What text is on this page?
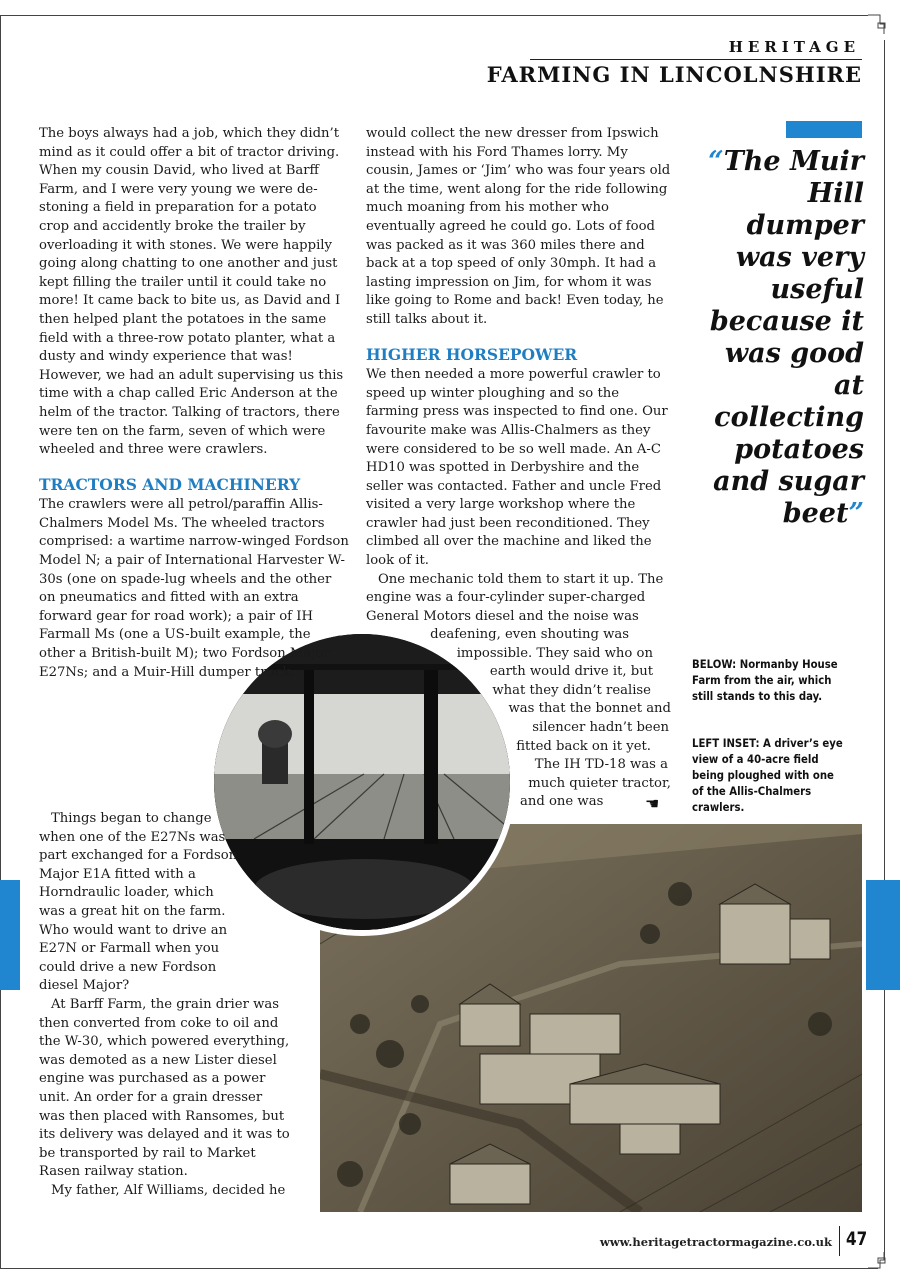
HERITAGE
FARMING IN LINCOLNSHIRE

The boys always had a job, which they didn’t mind as it could offer a bit of tractor driving. When my cousin David, who lived at Barff Farm, and I were very young we were de-stoning a field in preparation for a potato crop and accidently broke the trailer by overloading it with stones. We were happily going along chatting to one another and just kept filling the trailer until it could take no more! It came back to bite us, as David and I then helped plant the potatoes in the same field with a three-row potato planter, what a dusty and windy experience that was! However, we had an adult supervising us this time with a chap called Eric Anderson at the helm of the tractor. Talking of tractors, there were ten on the farm, seven of which were wheeled and three were crawlers.

TRACTORS AND MACHINERY

The crawlers were all petrol/paraffin Allis-Chalmers Model Ms. The wheeled tractors comprised: a wartime narrow-winged Fordson Model N; a pair of International Harvester W-30s (one on spade-lug wheels and the other on pneumatics and fitted with an extra forward gear for road work); a pair of IH Farmall Ms (one a US-built example, the other a British-built M); two Fordson Major E27Ns; and a Muir-Hill dumper truck.

Things began to change when one of the E27Ns was part exchanged for a Fordson Major E1A fitted with a Horndraulic loader, which was a great hit on the farm. Who would want to drive an E27N or Farmall when you could drive a new Fordson diesel Major?

At Barff Farm, the grain drier was then converted from coke to oil and the W-30, which powered everything, was demoted as a new Lister diesel engine was purchased as a power unit. An order for a grain dresser was then placed with Ransomes, but its delivery was delayed and it was to be transported by rail to Market Rasen railway station.

My father, Alf Williams, decided he

would collect the new dresser from Ipswich instead with his Ford Thames lorry. My cousin, James or ‘Jim’ who was four years old at the time, went along for the ride following much moaning from his mother who eventually agreed he could go. Lots of food was packed as it was 360 miles there and back at a top speed of only 30mph. It had a lasting impression on Jim, for whom it was like going to Rome and back! Even today, he still talks about it.

HIGHER HORSEPOWER

We then needed a more powerful crawler to speed up winter ploughing and so the farming press was inspected to find one. Our favourite make was Allis-Chalmers as they were considered to be so well made. An A-C HD10 was spotted in Derbyshire and the seller was contacted. Father and uncle Fred visited a very large workshop where the crawler had just been reconditioned. They climbed all over the machine and liked the look of it.

One mechanic told them to start it up. The engine was a four-cylinder super-charged General Motors diesel and the noise was

deafening, even shouting was
impossible. They said who on
earth would drive it, but
what they didn’t realise
was that the bonnet and
silencer hadn’t been
fitted back on it yet.
The IH TD-18 was a
much quieter tractor,
and one was	☚
“The Muir Hill dumper was very useful because it was good at collecting potatoes and sugar beet”
BELOW: Normanby House Farm from the air, which still stands to this day.
LEFT INSET: A driver’s eye view of a 40-acre field being ploughed with one of the Allis-Chalmers crawlers.
www.heritagetractormagazine.co.uk 47
